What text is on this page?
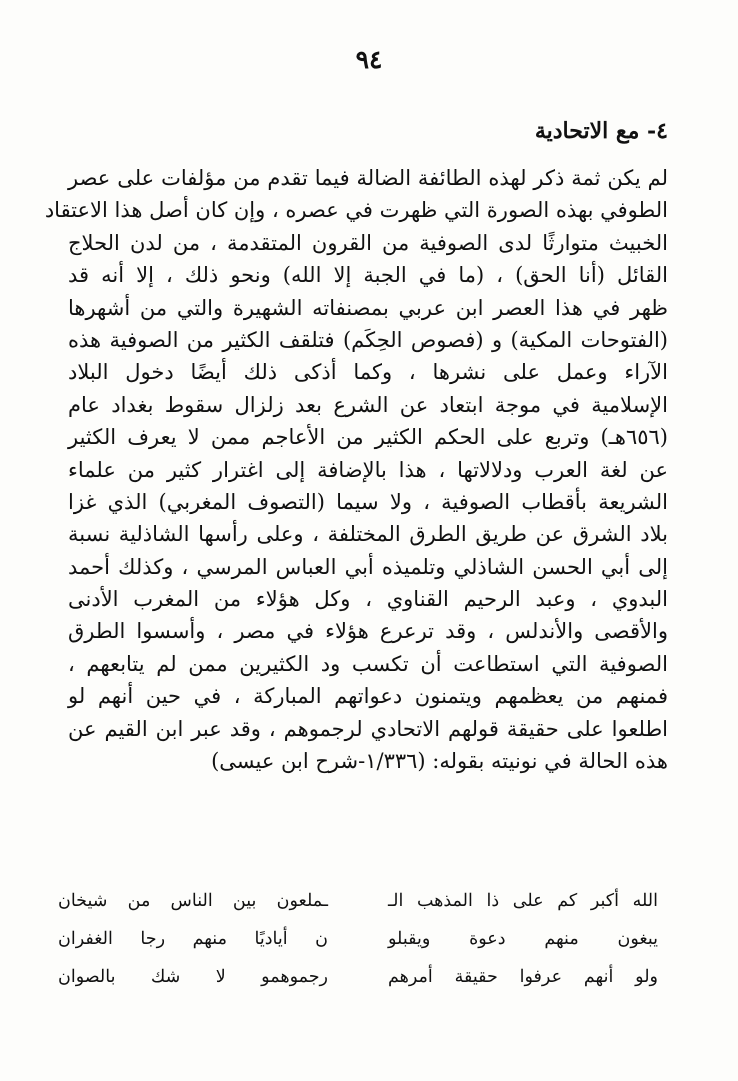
٩٤
٤- مع الاتحادية
لم يكن ثمة ذكر لهذه الطائفة الضالة فيما تقدم من مؤلفات على عصر
الطوفي بهذه الصورة التي ظهرت في عصره ، وإن كان أصل هذا الاعتقاد
الخبيث متوارثًا لدى الصوفية من القرون المتقدمة ، من لدن الحلاج
القائل (أنا الحق) ، (ما في الجبة إلا الله) ونحو ذلك ، إلا أنه قد
ظهر في هذا العصر ابن عربي بمصنفاته الشهيرة والتي من أشهرها
(الفتوحات المكية) و (فصوص الحِكَم) فتلقف الكثير من الصوفية هذه
الآراء وعمل على نشرها ، وكما أذكى ذلك أيضًا دخول البلاد
الإسلامية في موجة ابتعاد عن الشرع بعد زلزال سقوط بغداد عام
(٦٥٦هـ) وتربع على الحكم الكثير من الأعاجم ممن لا يعرف الكثير
عن لغة العرب ودلالاتها ، هذا بالإضافة إلى اغترار كثير من علماء
الشريعة بأقطاب الصوفية ، ولا سيما (التصوف المغربي) الذي غزا
بلاد الشرق عن طريق الطرق المختلفة ، وعلى رأسها الشاذلية نسبة
إلى أبي الحسن الشاذلي وتلميذه أبي العباس المرسي ، وكذلك أحمد
البدوي ، وعبد الرحيم القناوي ، وكل هؤلاء من المغرب الأدنى
والأقصى والأندلس ، وقد ترعرع هؤلاء في مصر ، وأسسوا الطرق
الصوفية التي استطاعت أن تكسب ود الكثيرين ممن لم يتابعهم ،
فمنهم من يعظمهم ويتمنون دعواتهم المباركة ، في حين أنهم لو
اطلعوا على حقيقة قولهم الاتحادي لرجموهم ، وقد عبر ابن القيم عن
هذه الحالة في نونيته بقوله: (١/٣٣٦-شرح ابن عيسى)
الله أكبر كم على ذا المذهب الـ
ـملعون بين الناس من شيخان
يبغون منهم دعوة ويقبلو
ن أياديًا منهم رجا الغفران
ولو أنهم عرفوا حقيقة أمرهم
رجموهمو لا شك بالصوان
